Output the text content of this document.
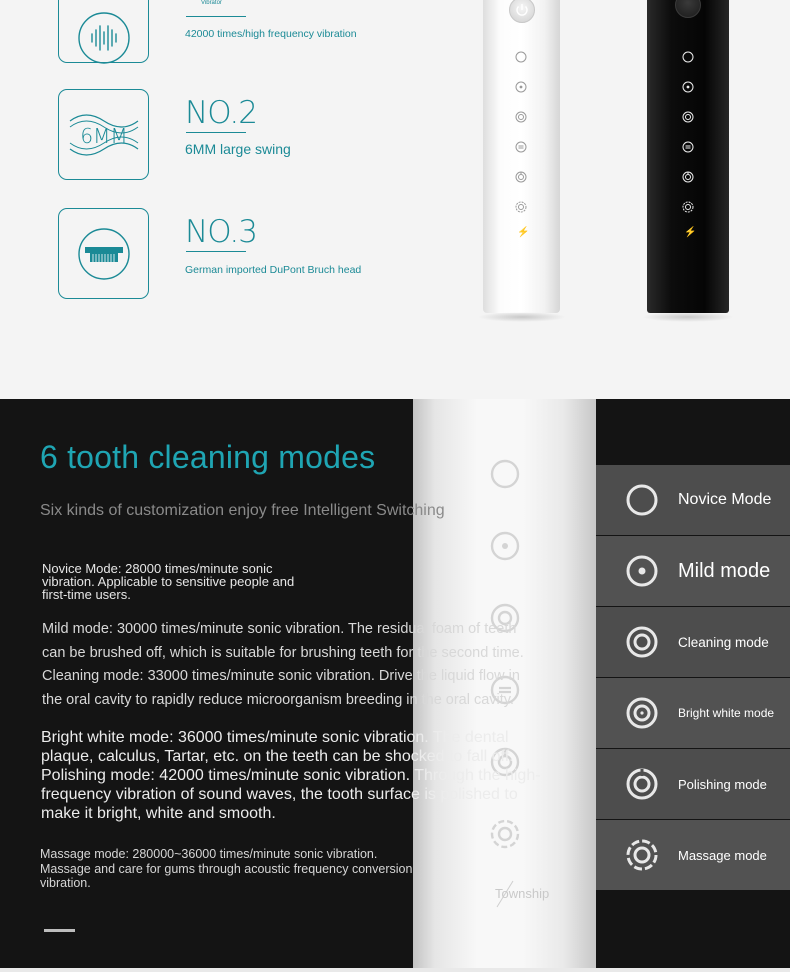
Vibrator
42000 times/high frequency vibration
6MM
NO.2
6MM large swing
NO.3
German imported DuPont Bruch head
⚡	⚡
Township
6 tooth cleaning modes
Six kinds of customization enjoy free Intelligent Switching
Novice Mode: 28000 times/minute sonic vibration. Applicable to sensitive people and first-time users.
Mild mode: 30000 times/minute sonic vibration. The residual foam of teeth can be brushed off, which is suitable for brushing teeth for the second time. Cleaning mode: 33000 times/minute sonic vibration. Drive the liquid flow in the oral cavity to rapidly reduce microorganism breeding in the oral cavity.
Bright white mode: 36000 times/minute sonic vibration. The dental plaque, calculus, Tartar, etc. on the teeth can be shocked to fall off. Polishing mode: 42000 times/minute sonic vibration. Through the high-frequency vibration of sound waves, the tooth surface is polished to make it bright, white and smooth.
Massage mode: 280000~36000 times/minute sonic vibration. Massage and care for gums through acoustic frequency conversion vibration.
Novice Mode
Mild mode
Cleaning mode
Bright white mode
Polishing mode
Massage mode
